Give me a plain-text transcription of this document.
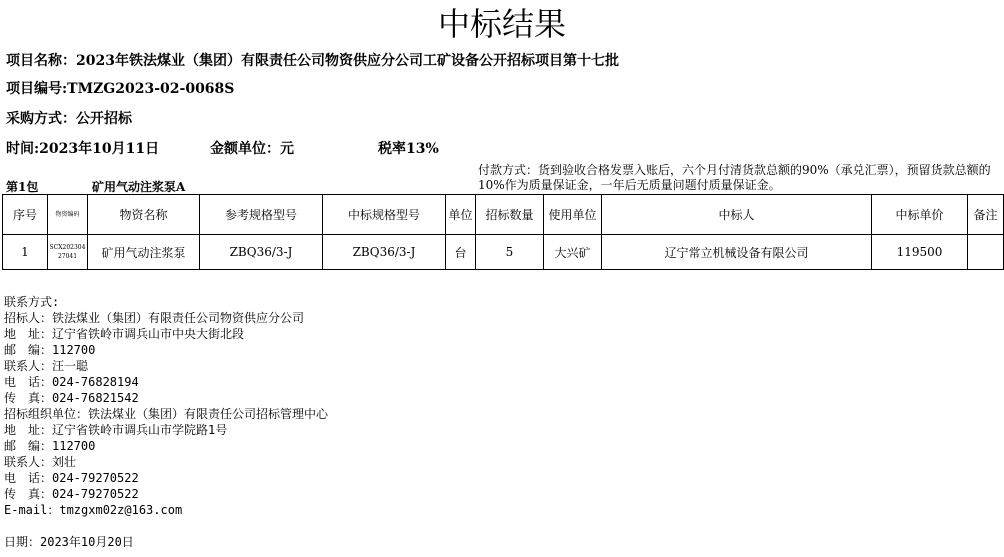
中标结果
项目名称：2023年铁法煤业（集团）有限责任公司物资供应分公司工矿设备公开招标项目第十七批
项目编号:TMZG2023-02-0068S
采购方式：公开招标
时间:2023年10月11日	金额单位：元	税率13%
付款方式：货到验收合格发票入账后，六个月付清货款总额的90%（承兑汇票），预留货款总额的10%作为质量保证金，一年后无质量问题付质量保证金。
第1包	矿用气动注浆泵A
序号	物资编码	物资名称	参考规格型号	中标规格型号	单位	招标数量	使用单位	中标人	中标单价	备注
1	SCX202304 27041	矿用气动注浆泵	ZBQ36/3-J	ZBQ36/3-J	台	5	大兴矿	辽宁常立机械设备有限公司	119500	
联系方式:
招标人：铁法煤业（集团）有限责任公司物资供应分公司
地　址：辽宁省铁岭市调兵山市中央大街北段
邮　编：112700
联系人：汪一聪
电　话：024-76828194
传　真：024-76821542
招标组织单位：铁法煤业（集团）有限责任公司招标管理中心
地　址：辽宁省铁岭市调兵山市学院路1号
邮　编：112700
联系人：刘壮
电　话：024-79270522
传　真：024-79270522
E-mail：tmzgxm02z@163.com
日期：2023年10月20日
